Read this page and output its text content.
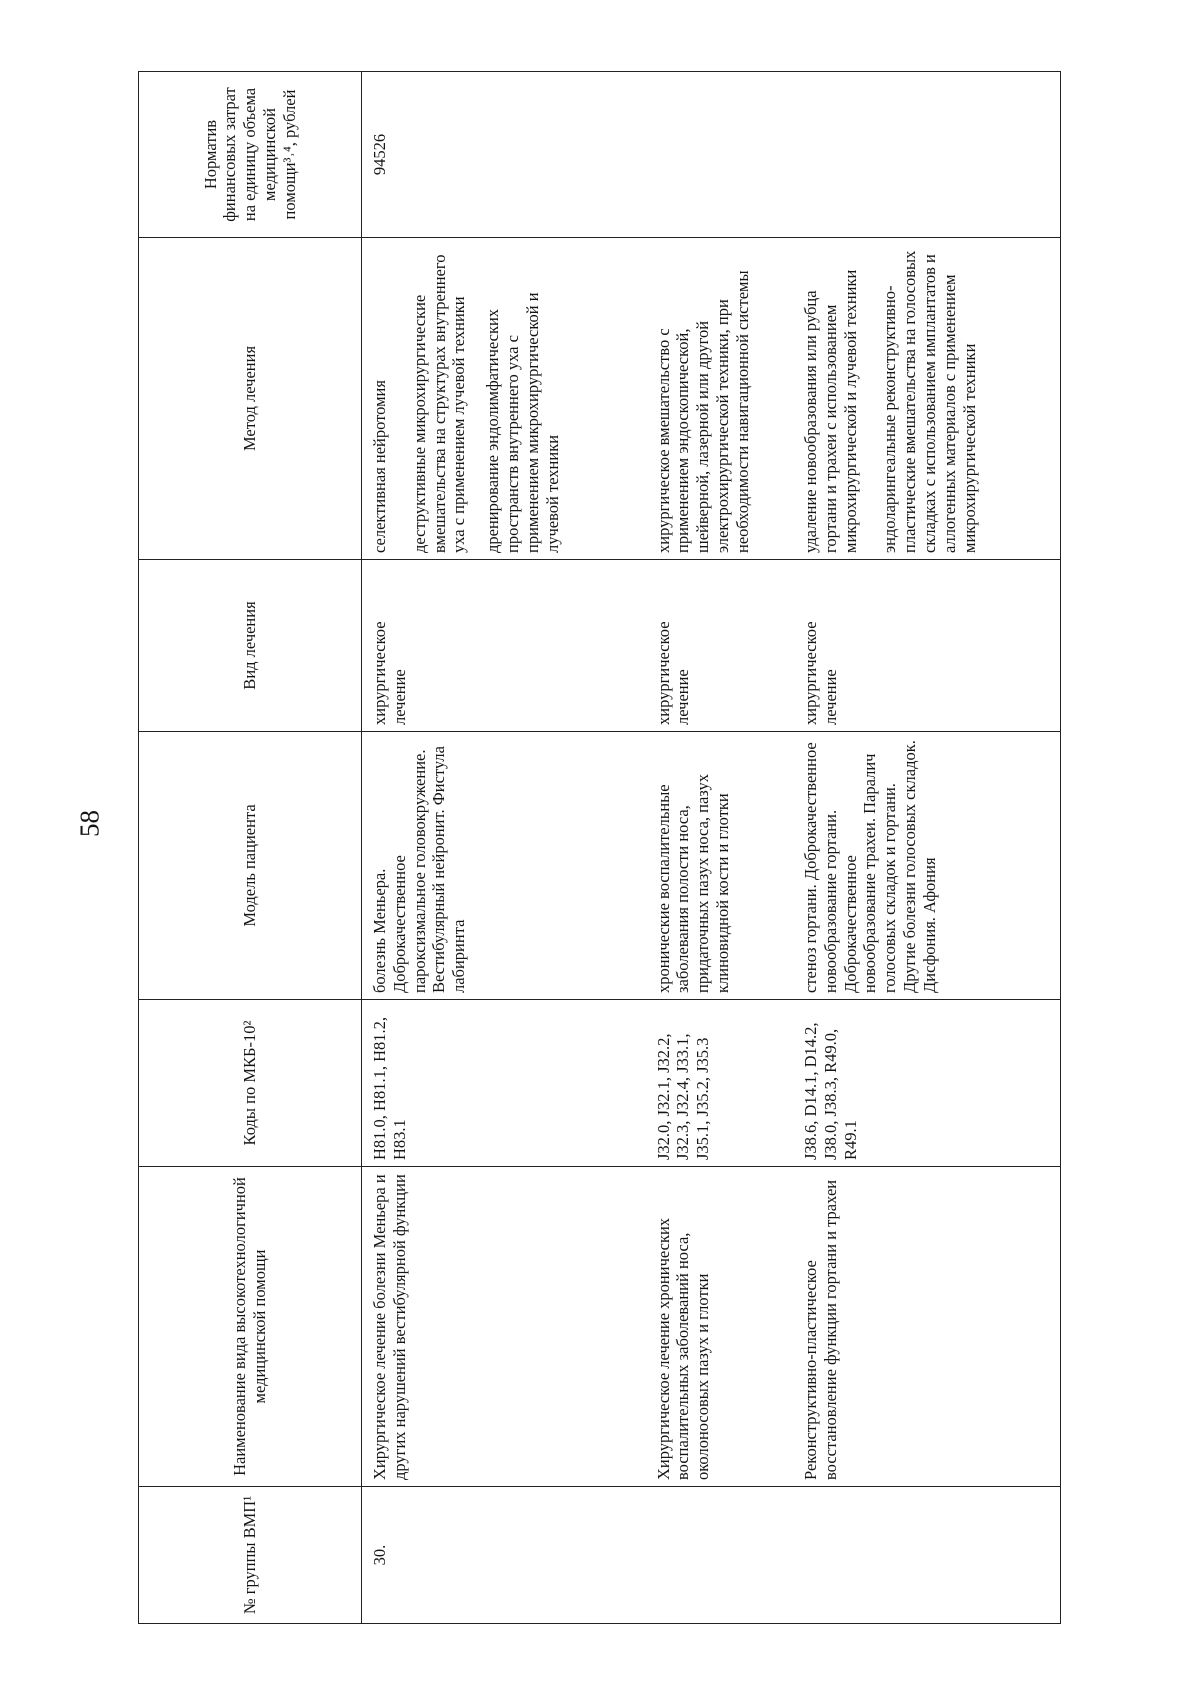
58
№ группы ВМП¹	Наименование вида высокотехнологичной медицинской помощи	Коды по МКБ-10²	Модель пациента	Вид лечения	Метод лечения	Норматив финансовых затрат на единицу объема медицинской помощи³˒⁴, рублей
30.	Хирургическое лечение болезни Меньера и других нарушений вестибулярной функции	H81.0, H81.1, H81.2, H83.1	болезнь Меньера. Доброкачественное пароксизмальное головокружение. Вестибулярный нейронит. Фистула лабиринта	хирургическое лечение	селективная нейротомия деструктивные микрохирургические вмешательства на структурах внутреннего уха с применением лучевой техники дренирование эндолимфатических пространств внутреннего уха с применением микрохирургической и лучевой техники	94526
	Хирургическое лечение хронических воспалительных заболеваний носа, околоносовых пазух и глотки	J32.0, J32.1, J32.2, J32.3, J32.4, J33.1, J35.1, J35.2, J35.3	хронические воспалительные заболевания полости носа, придаточных пазух носа, пазух клиновидной кости и глотки	хирургическое лечение	хирургическое вмешательство с применением эндоскопической, шейверной, лазерной или другой электрохирургической техники, при необходимости навигационной системы	

	Реконструктивно-пластическое восстановление функции гортани и трахеи	J38.6, D14.1, D14.2, J38.0, J38.3, R49.0, R49.1	стеноз гортани. Доброкачественное новообразование гортани. Доброкачественное новообразование трахеи. Паралич голосовых складок и гортани. Другие болезни голосовых складок. Дисфония. Афония	хирургическое лечение	удаление новообразования или рубца гортани и трахеи с использованием микрохирургической и лучевой техники эндоларингеальные реконструктивно-пластические вмешательства на голосовых складках с использованием имплантатов и аллогенных материалов с применением микрохирургической техники	
